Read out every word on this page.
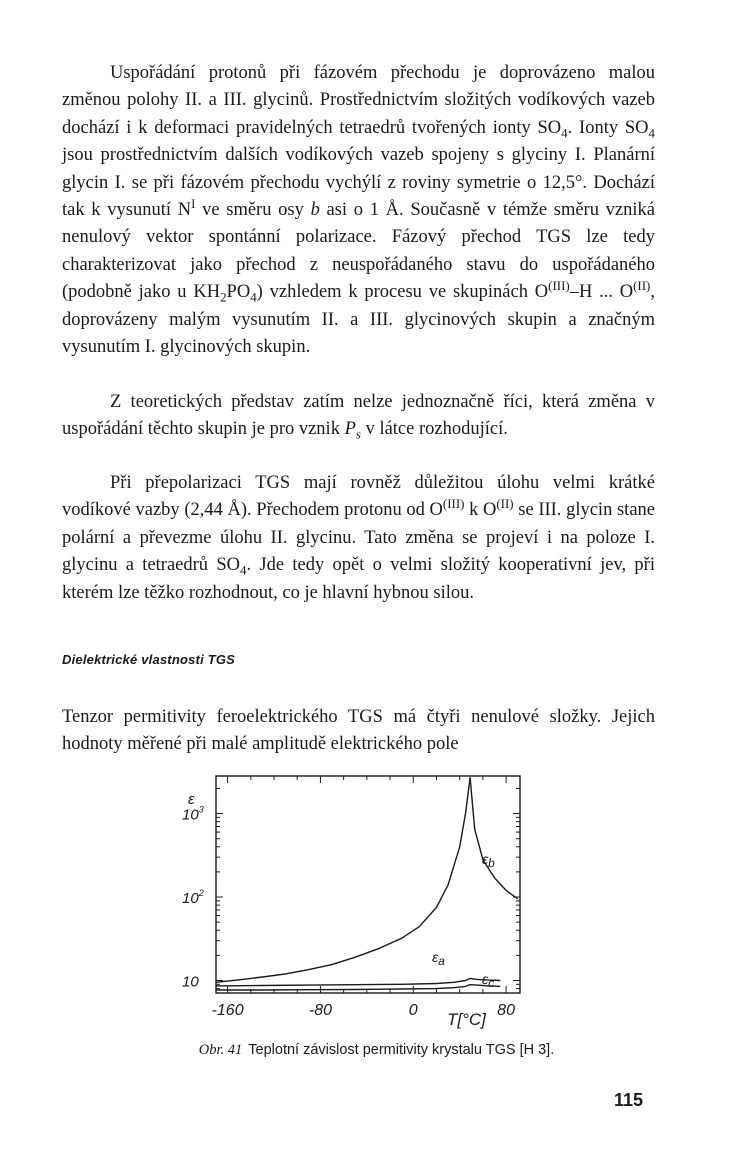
Uspořádání protonů při fázovém přechodu je doprovázeno malou změnou polohy II. a III. glycinů. Prostřednictvím složitých vodíkových vazeb dochází i k deformaci pravidelných tetraedrů tvořených ionty $SO_4$. Ionty $SO_4$ jsou prostřednictvím dalších vodíkových vazeb spojeny s glyciny I. Planární glycin I. se při fázovém přechodu vychýlí z roviny symetrie o 12,5°. Dochází tak k vysunutí $N^I$ ve směru osy b asi o 1 Å. Současně v témže směru vzniká nenulový vektor spontánní polarizace. Fázový přechod TGS lze tedy charakterizovat jako přechod z neuspořádaného stavu do uspořádaného (podobně jako u $KH_2PO_4$) vzhledem k procesu ve skupinách $O^{(III)}-H$ ... $O^{(II)}$, doprovázeny malým vysunutím II. a III. glycinových skupin a značným vysunutím I. glycinových skupin.

Z teoretických představ zatím nelze jednoznačně říci, která změna v uspořádání těchto skupin je pro vznik $P_s$ v látce rozhodující.

Při přepolarizaci TGS mají rovněž důležitou úlohu velmi krátké vodíkové vazby (2,44 Å). Přechodem protonu od $O^{(III)}$ k $O^{(II)}$ se III. glycin stane polární a převezme úlohu II. glycinu. Tato změna se projeví i na poloze I. glycinu a tetraedrů $SO_4$. Jde tedy opět o velmi složitý kooperativní jev, při kterém lze těžko rozhodnout, co je hlavní hybnou silou.

Dielektrické vlastnosti TGS

Tenzor permitivity feroelektrického TGS má čtyři nenulové složky. Jejich hodnoty měřené při malé amplitudě elektrického pole

ε
10
$10^2$
$10^3$
-160	-80	0	80
T[°C]
εb
εa
εc
Obr. 41 Teplotní závislost permitivity krystalu TGS [H 3].
115
